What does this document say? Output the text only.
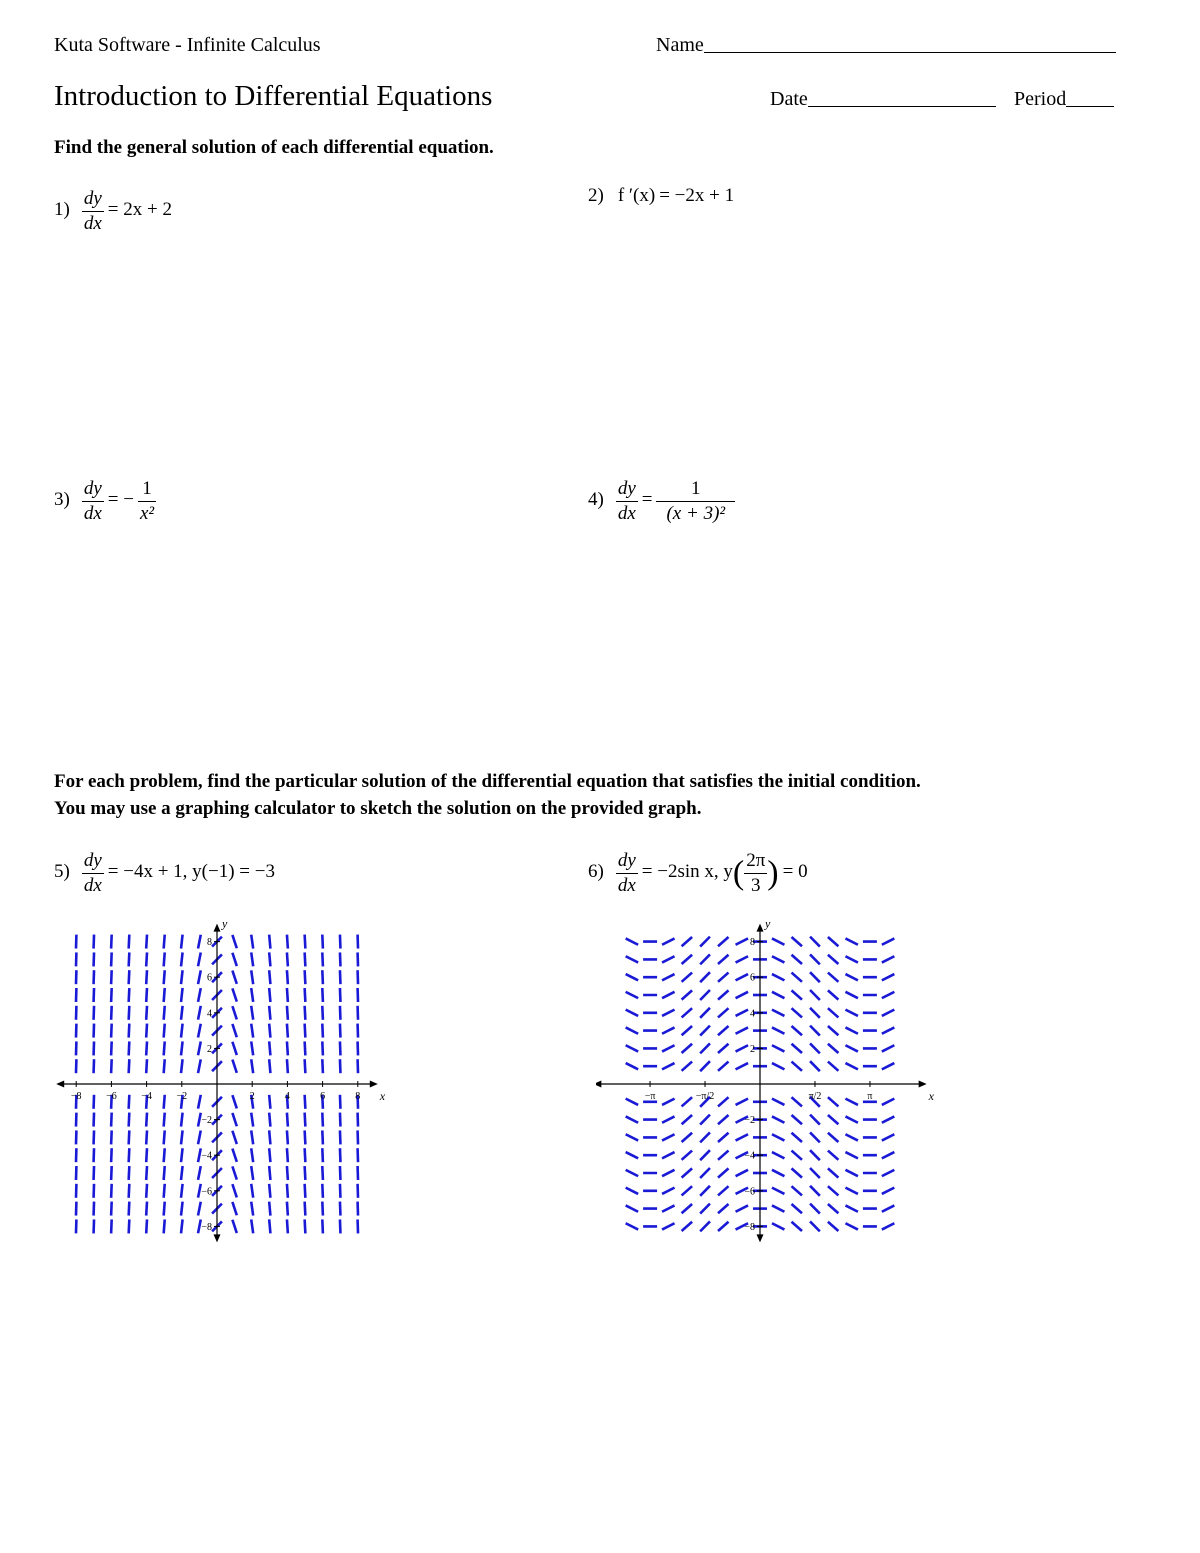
Kuta Software - Infinite Calculus	Name
Introduction to Differential Equations	Date	Period
Find the general solution of each differential equation.
$1) \frac{dy}{dx} = 2x + 2$
2) f ′(x) = −2x + 1
$3) \frac{dy}{dx}$ = − $\frac{1}{\text{x²}}$	$4) \frac{dy}{dx} = \frac{1}{\text{(x + 3)²}}$
For each problem, find the particular solution of the differential equation that satisfies the initial condition.
You may use a graphing calculator to sketch the solution on the provided graph.
$5) \frac{dy}{dx} = -4x + 1$, y(−1) = −3	$6) \frac{dy}{dx} = -2\sin$ x, $y( \frac{2\pi}{3}$ ) = 0
−8 −6 −4 −2	2	4	6	8
−8
−6
−4
−2
2
4
6
8
x
y
−π	−π/2	π/2	π
−8
−6
−4
−2
2
4
6
8
x
y
